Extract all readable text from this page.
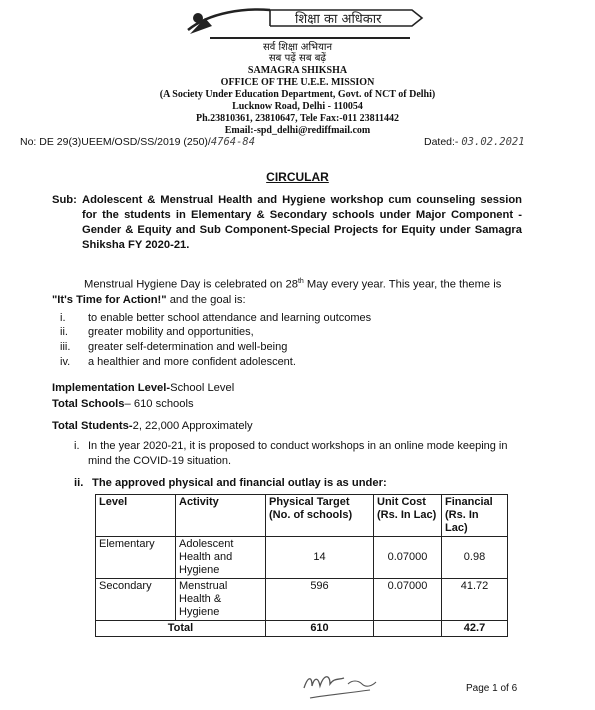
शिक्षा का अधिकार
सर्व शिक्षा अभियान
सब पढ़ें सब बढ़ें
SAMAGRA SHIKSHA
OFFICE OF THE U.E.E. MISSION
(A Society Under Education Department, Govt. of NCT of Delhi)
Lucknow Road, Delhi - 110054
Ph.23810361, 23810647, Tele Fax:-011 23811442
Email:-spd_delhi@rediffmail.com
No: DE 29(3)UEEM/OSD/SS/2019 (250)/4764-84	Dated:- 03.02.2021
CIRCULAR
Sub: Adolescent & Menstrual Health and Hygiene workshop cum counseling session for the students in Elementary & Secondary schools under Major Component -Gender & Equity and Sub Component-Special Projects for Equity under Samagra Shiksha FY 2020-21.
Menstrual Hygiene Day is celebrated on 28th May every year. This year, the theme is "It's Time for Action!" and the goal is:
i. to enable better school attendance and learning outcomes
ii. greater mobility and opportunities,
iii. greater self-determination and well-being
iv. a healthier and more confident adolescent.
Implementation Level-School Level
Total Schools– 610 schools
Total Students-2, 22,000 Approximately
i. In the year 2020-21, it is proposed to conduct workshops in an online mode keeping in mind the COVID-19 situation.
ii. The approved physical and financial outlay is as under:
Level	Activity	Physical Target (No. of schools)	Unit Cost (Rs. In Lac)	Financial (Rs. In Lac)
Elementary	Adolescent Health and Hygiene	14	0.07000	0.98
Secondary	Menstrual Health & Hygiene	596	0.07000	41.72
Total		610		42.7
Page 1 of 6
